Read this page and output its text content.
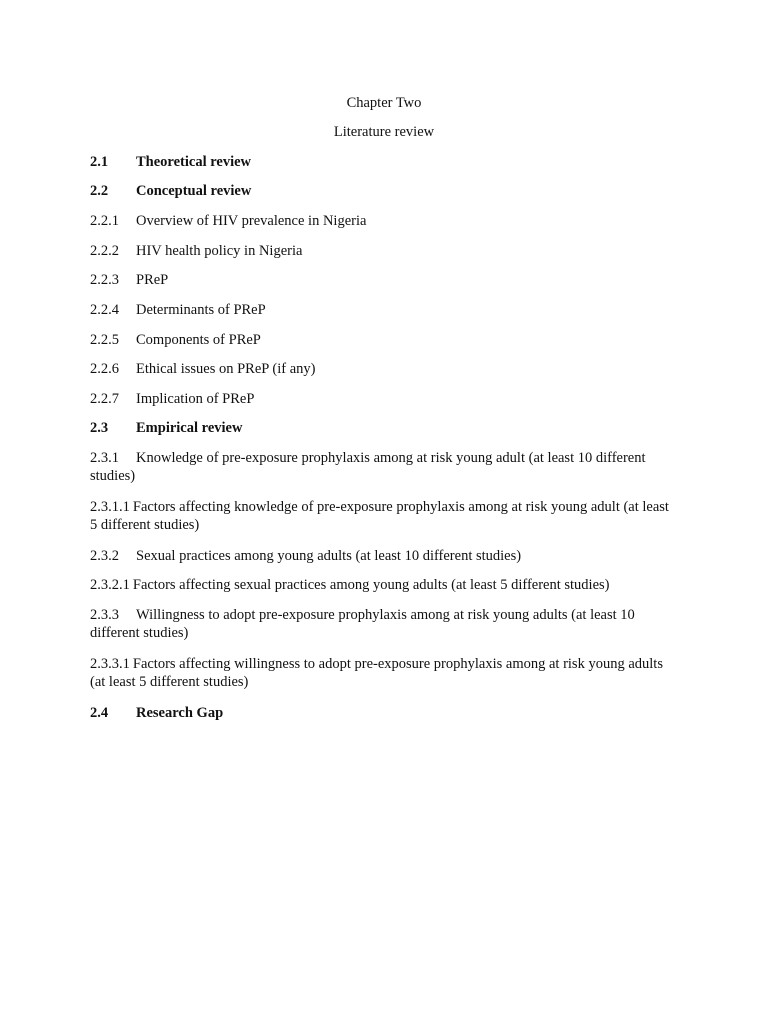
Chapter Two
Literature review
2.1 Theoretical review
2.2 Conceptual review
2.2.1 Overview of HIV prevalence in Nigeria
2.2.2 HIV health policy in Nigeria
2.2.3 PReP
2.2.4 Determinants of PReP
2.2.5 Components of PReP
2.2.6 Ethical issues on PReP (if any)
2.2.7 Implication of PReP
2.3 Empirical review
2.3.1 Knowledge of pre-exposure prophylaxis among at risk young adult (at least 10 different studies)
2.3.1.1 Factors affecting knowledge of pre-exposure prophylaxis among at risk young adult (at least 5 different studies)
2.3.2 Sexual practices among young adults (at least 10 different studies)
2.3.2.1 Factors affecting sexual practices among young adults (at least 5 different studies)
2.3.3 Willingness to adopt pre-exposure prophylaxis among at risk young adults (at least 10 different studies)
2.3.3.1 Factors affecting willingness to adopt pre-exposure prophylaxis among at risk young adults (at least 5 different studies)
2.4 Research Gap
